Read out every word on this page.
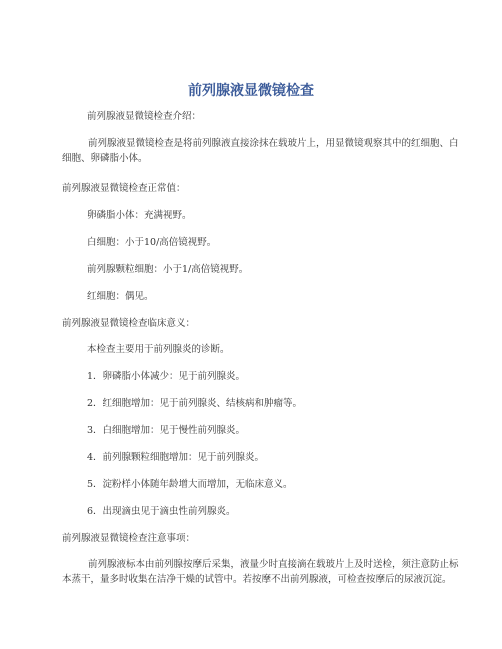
前列腺液显微镜检查

前列腺液显微镜检查介绍：

前列腺液显微镜检查是将前列腺液直接涂抹在载玻片上，用显微镜观察其中的红细胞、白细胞、卵磷脂小体。

前列腺液显微镜检查正常值：

卵磷脂小体：充满视野。

白细胞：小于10/高倍镜视野。

前列腺颗粒细胞：小于1/高倍镜视野。

红细胞：偶见。

前列腺液显微镜检查临床意义：

本检查主要用于前列腺炎的诊断。

1．卵磷脂小体减少：见于前列腺炎。

2．红细胞增加：见于前列腺炎、结核病和肿瘤等。

3．白细胞增加：见于慢性前列腺炎。

4．前列腺颗粒细胞增加：见于前列腺炎。

5．淀粉样小体随年龄增大而增加，无临床意义。

6．出现滴虫见于滴虫性前列腺炎。

前列腺液显微镜检查注意事项：

前列腺液标本由前列腺按摩后采集，液量少时直接滴在载玻片上及时送检，须注意防止标本蒸干，量多时收集在洁净干燥的试管中。若按摩不出前列腺液，可检查按摩后的尿液沉淀。
